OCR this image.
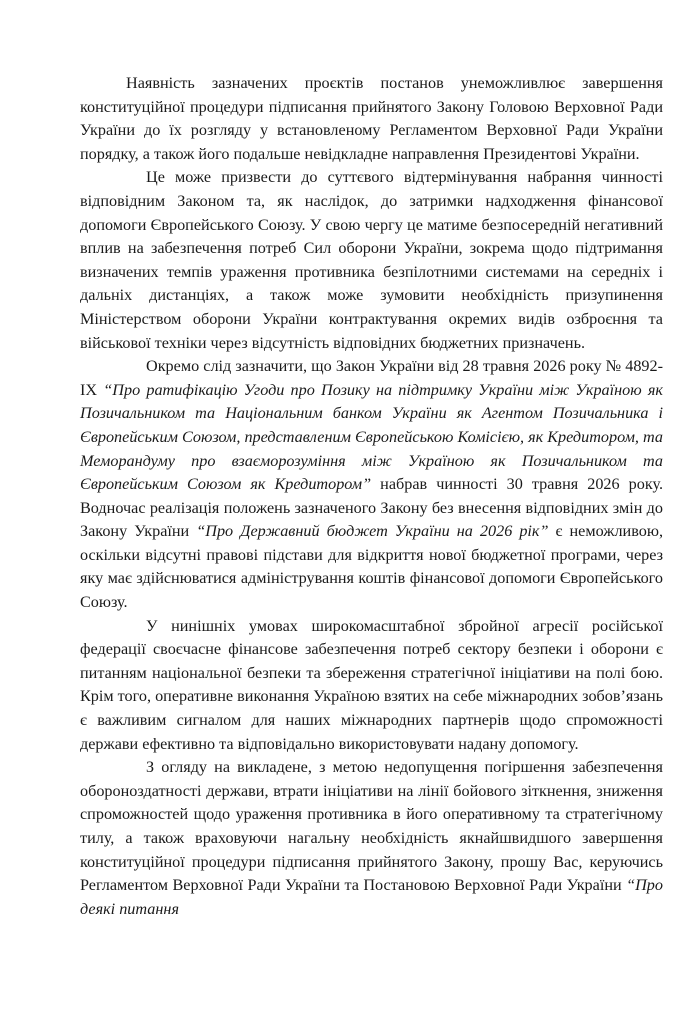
Наявність зазначених проєктів постанов унеможливлює завершення конституційної процедури підписання прийнятого Закону Головою Верховної Ради України до їх розгляду у встановленому Регламентом Верховної Ради України порядку, а також його подальше невідкладне направлення Президентові України.

Це може призвести до суттєвого відтермінування набрання чинності відповідним Законом та, як наслідок, до затримки надходження фінансової допомоги Європейського Союзу. У свою чергу це матиме безпосередній негативний вплив на забезпечення потреб Сил оборони України, зокрема щодо підтримання визначених темпів ураження противника безпілотними системами на середніх і дальніх дистанціях, а також може зумовити необхідність призупинення Міністерством оборони України контрактування окремих видів озброєння та військової техніки через відсутність відповідних бюджетних призначень.

Окремо слід зазначити, що Закон України від 28 травня 2026 року № 4892-IX “Про ратифікацію Угоди про Позику на підтримку України між Україною як Позичальником та Національним банком України як Агентом Позичальника і Європейським Союзом, представленим Європейською Комісією, як Кредитором, та Меморандуму про взаєморозуміння між Україною як Позичальником та Європейським Союзом як Кредитором” набрав чинності 30 травня 2026 року. Водночас реалізація положень зазначеного Закону без внесення відповідних змін до Закону України “Про Державний бюджет України на 2026 рік” є неможливою, оскільки відсутні правові підстави для відкриття нової бюджетної програми, через яку має здійснюватися адміністрування коштів фінансової допомоги Європейського Союзу.

У нинішніх умовах широкомасштабної збройної агресії російської федерації своєчасне фінансове забезпечення потреб сектору безпеки і оборони є питанням національної безпеки та збереження стратегічної ініціативи на полі бою. Крім того, оперативне виконання Україною взятих на себе міжнародних зобов’язань є важливим сигналом для наших міжнародних партнерів щодо спроможності держави ефективно та відповідально використовувати надану допомогу.

З огляду на викладене, з метою недопущення погіршення забезпечення обороноздатності держави, втрати ініціативи на лінії бойового зіткнення, зниження спроможностей щодо ураження противника в його оперативному та стратегічному тилу, а також враховуючи нагальну необхідність якнайшвидшого завершення конституційної процедури підписання прийнятого Закону, прошу Вас, керуючись Регламентом Верховної Ради України та Постановою Верховної Ради України “Про деякі питання
